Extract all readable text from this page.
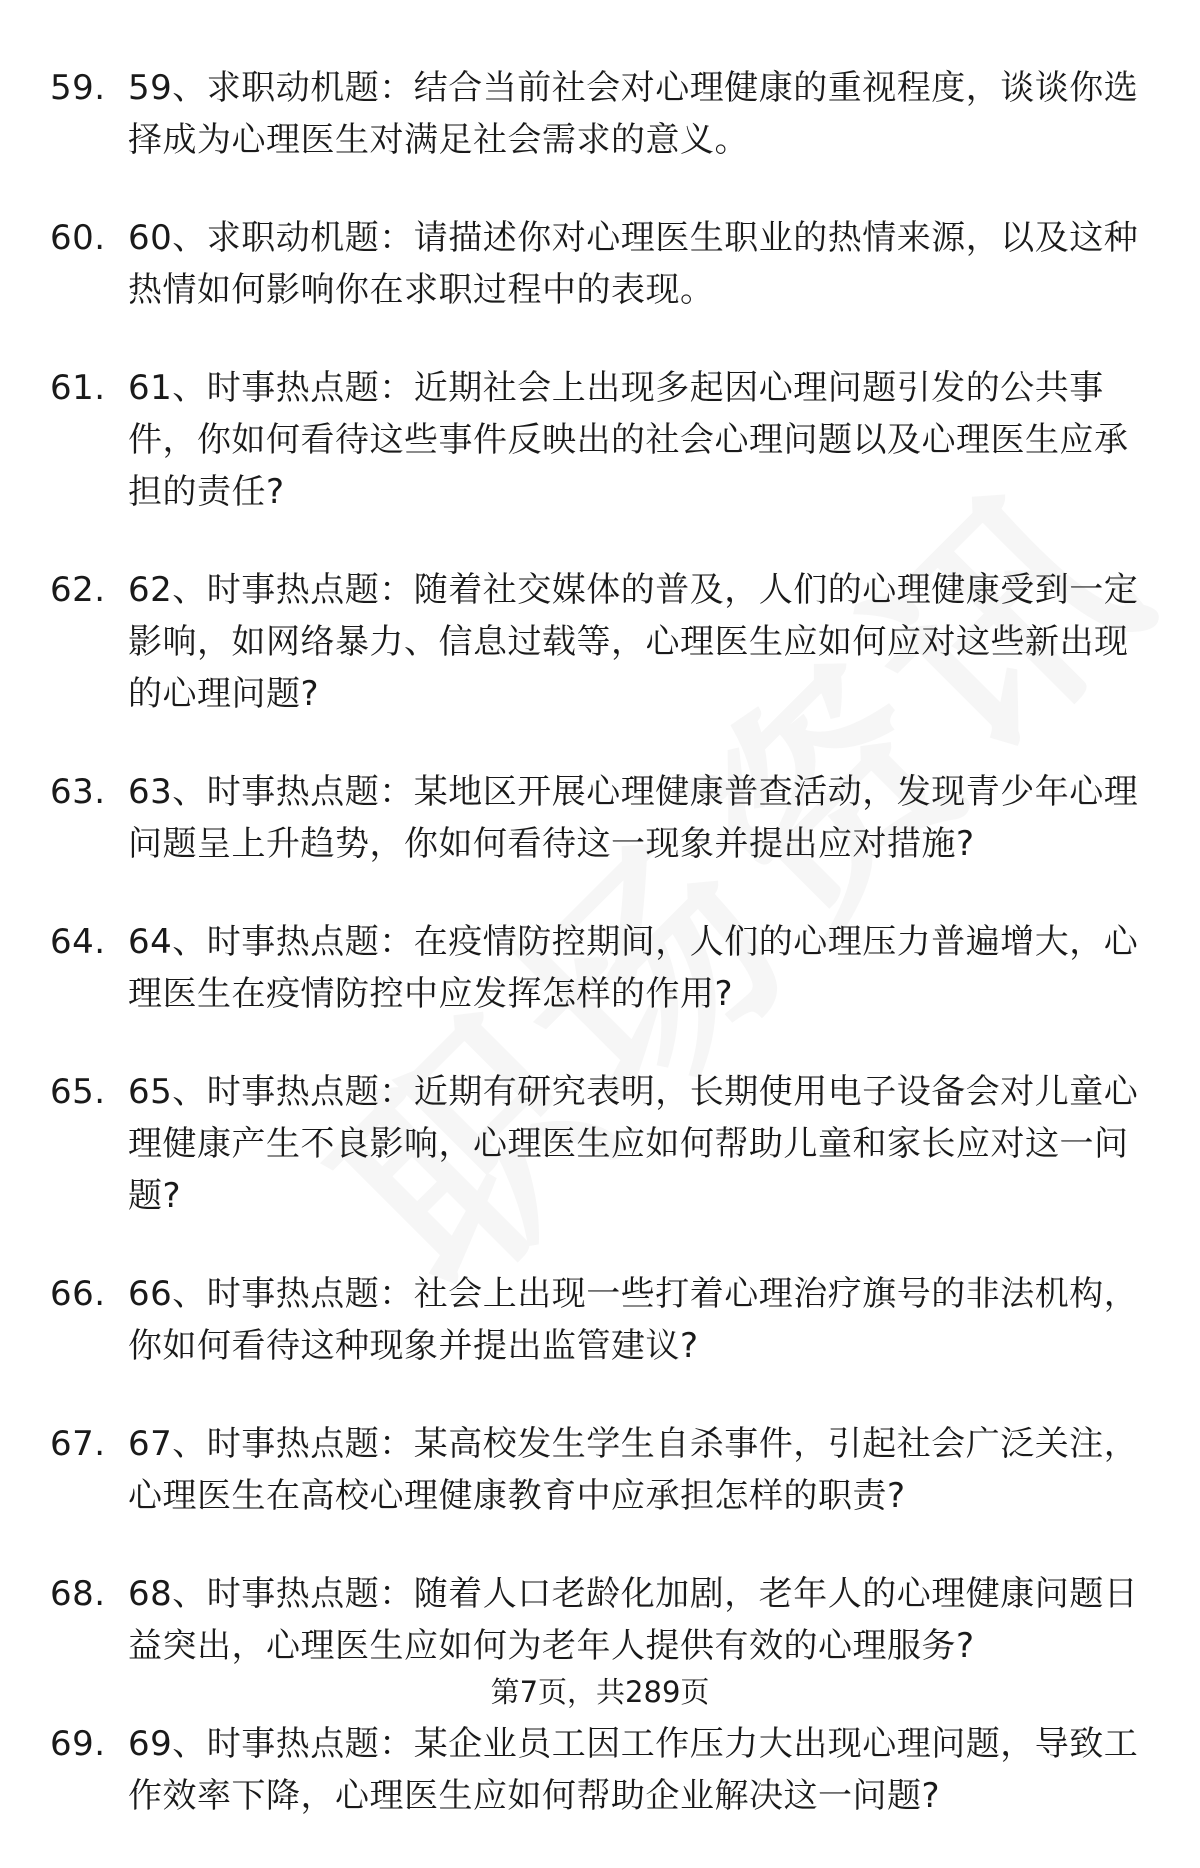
59. 59、求职动机题：结合当前社会对心理健康的重视程度，谈谈你选择成为心理医生对满足社会需求的意义。
60. 60、求职动机题：请描述你对心理医生职业的热情来源，以及这种热情如何影响你在求职过程中的表现。
61. 61、时事热点题：近期社会上出现多起因心理问题引发的公共事件，你如何看待这些事件反映出的社会心理问题以及心理医生应承担的责任?
62. 62、时事热点题：随着社交媒体的普及，人们的心理健康受到一定影响，如网络暴力、信息过载等，心理医生应如何应对这些新出现的心理问题?
63. 63、时事热点题：某地区开展心理健康普查活动，发现青少年心理问题呈上升趋势，你如何看待这一现象并提出应对措施?
64. 64、时事热点题：在疫情防控期间，人们的心理压力普遍增大，心理医生在疫情防控中应发挥怎样的作用?
65. 65、时事热点题：近期有研究表明，长期使用电子设备会对儿童心理健康产生不良影响，心理医生应如何帮助儿童和家长应对这一问题?
66. 66、时事热点题：社会上出现一些打着心理治疗旗号的非法机构，你如何看待这种现象并提出监管建议?
67. 67、时事热点题：某高校发生学生自杀事件，引起社会广泛关注，心理医生在高校心理健康教育中应承担怎样的职责?
68. 68、时事热点题：随着人口老龄化加剧，老年人的心理健康问题日益突出，心理医生应如何为老年人提供有效的心理服务?
69. 69、时事热点题：某企业员工因工作压力大出现心理问题，导致工作效率下降，心理医生应如何帮助企业解决这一问题?
第7页，共289页
